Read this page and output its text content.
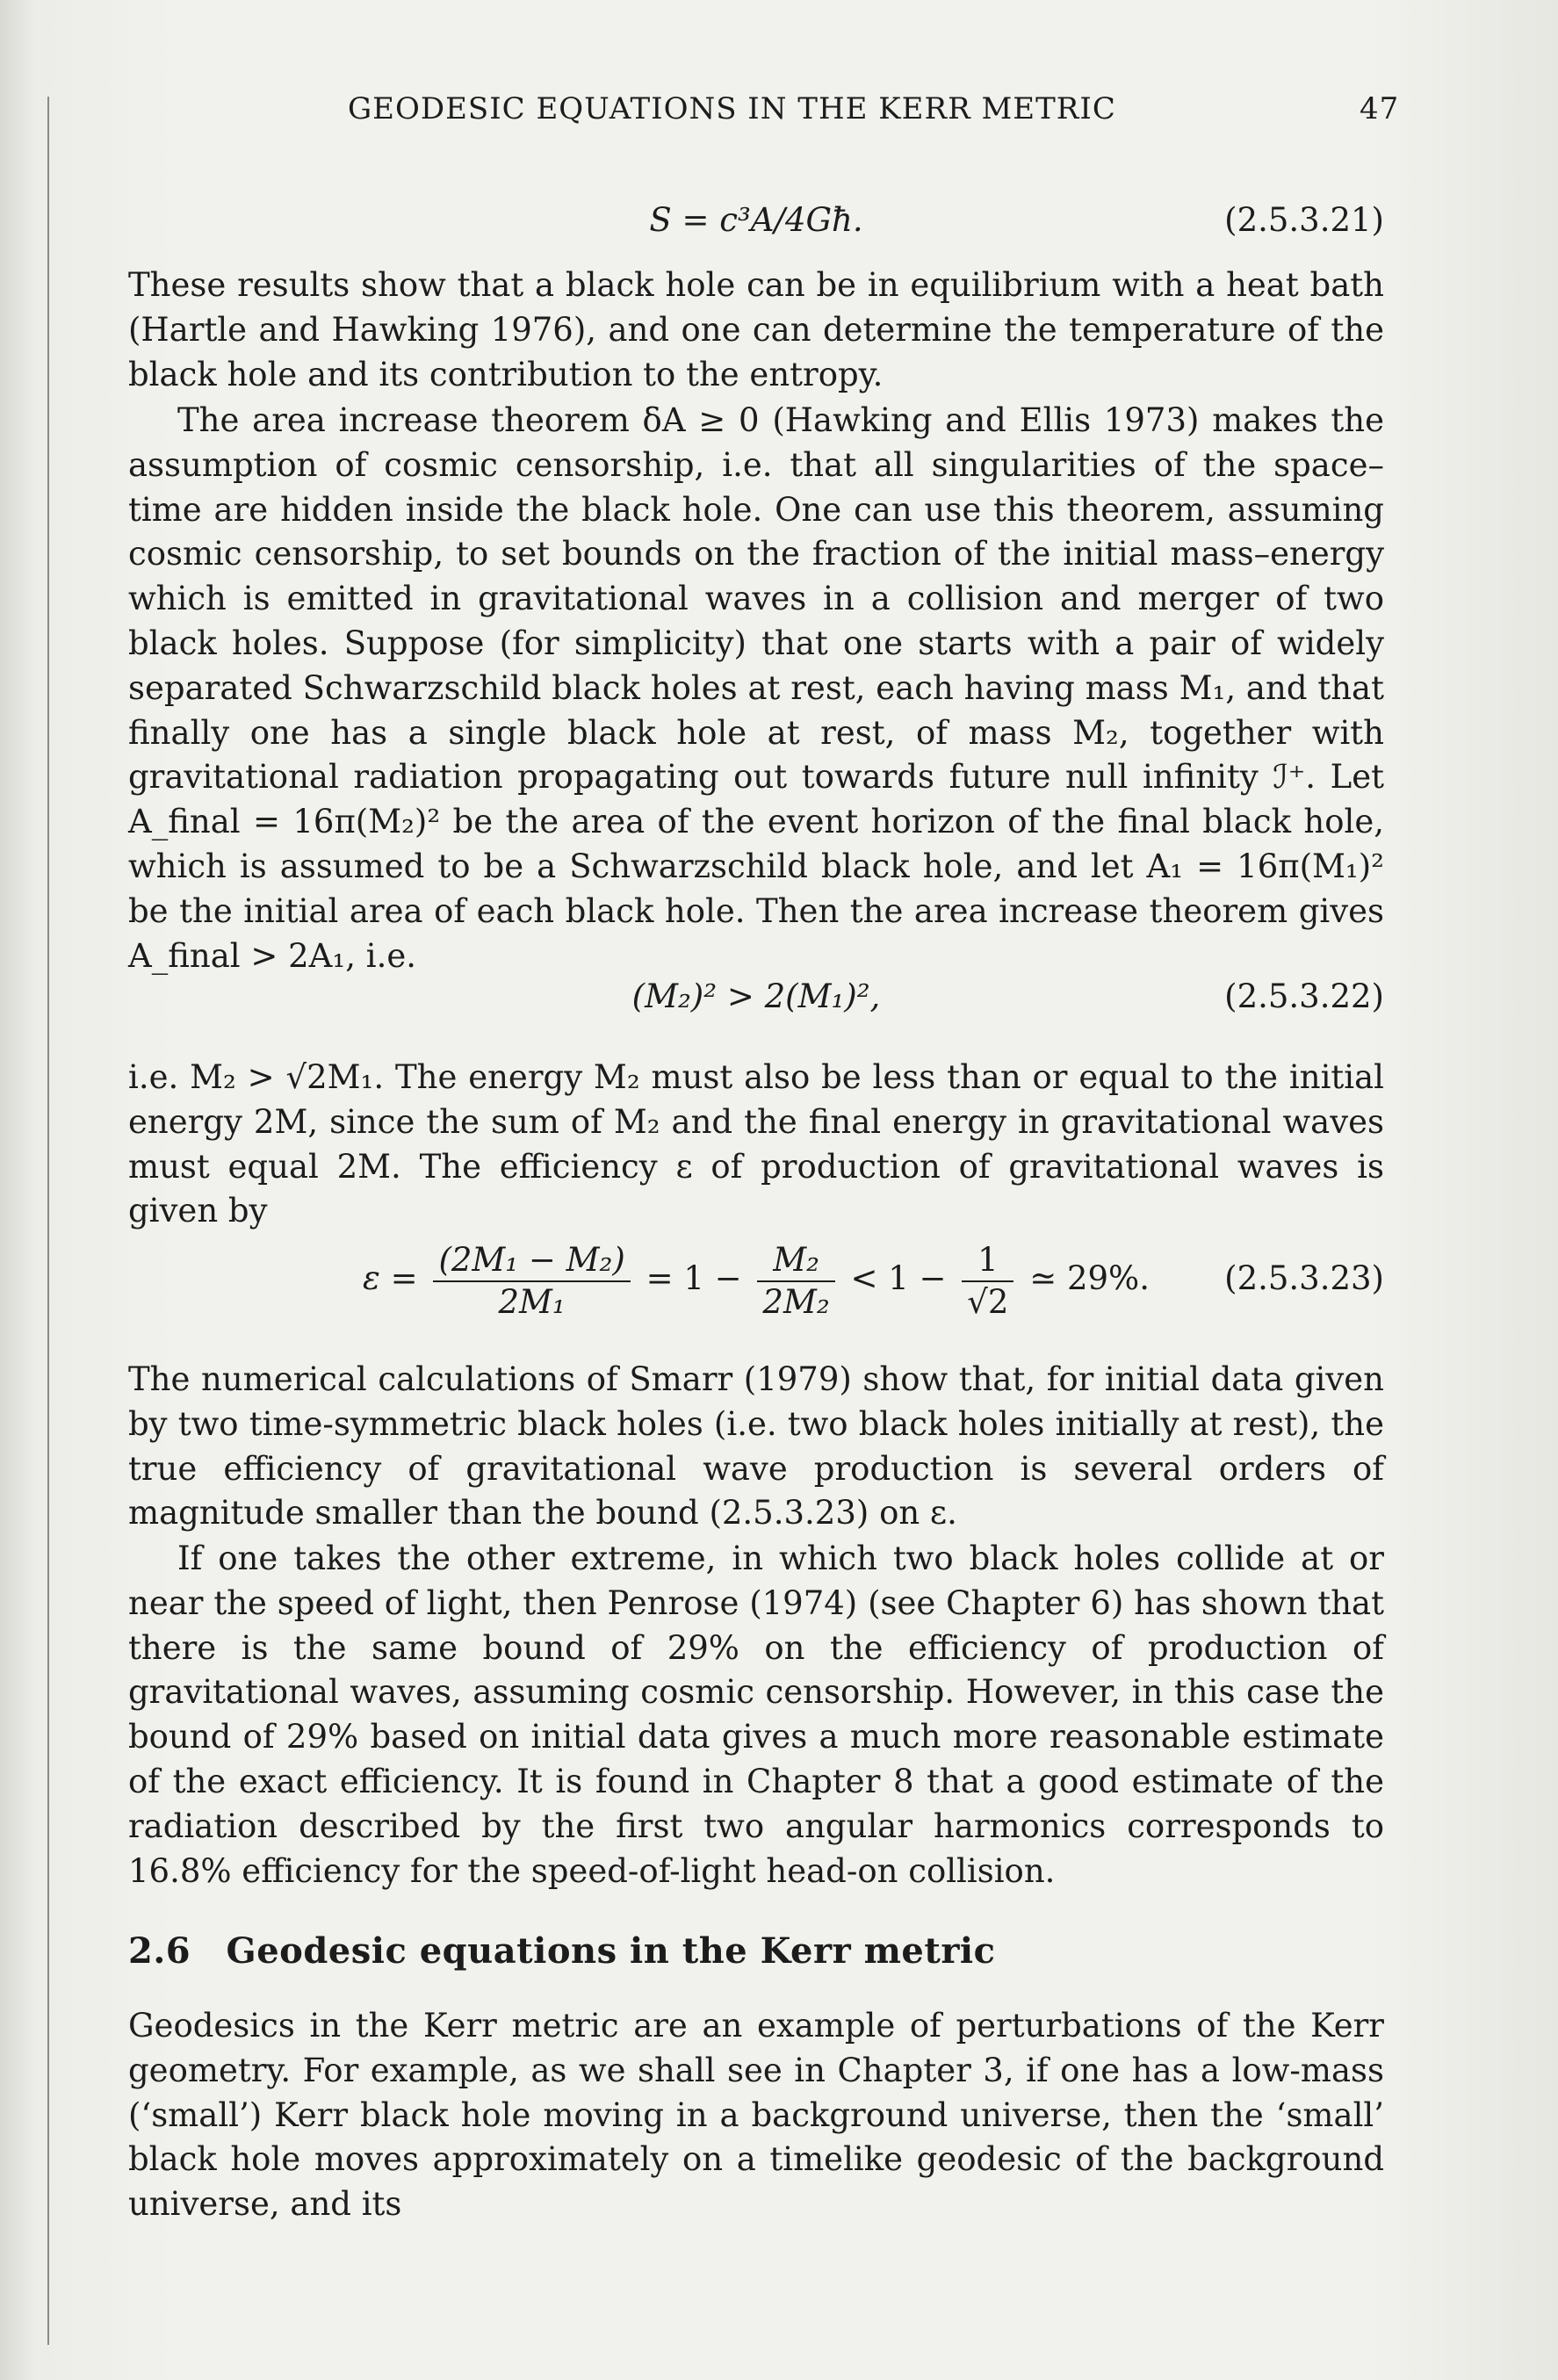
GEODESIC EQUATIONS IN THE KERR METRIC	47
S = c³A/4Għ.	(2.5.3.21)

These results show that a black hole can be in equilibrium with a heat bath (Hartle and Hawking 1976), and one can determine the temperature of the black hole and its contribution to the entropy.

The area increase theorem δA ≥ 0 (Hawking and Ellis 1973) makes the assumption of cosmic censorship, i.e. that all singularities of the space–time are hidden inside the black hole. One can use this theorem, assuming cosmic censorship, to set bounds on the fraction of the initial mass–energy which is emitted in gravitational waves in a collision and merger of two black holes. Suppose (for simplicity) that one starts with a pair of widely separated Schwarzschild black holes at rest, each having mass M₁, and that finally one has a single black hole at rest, of mass M₂, together with gravitational radiation propagating out towards future null infinity ℐ⁺. Let A_final = 16π(M₂)² be the area of the event horizon of the final black hole, which is assumed to be a Schwarzschild black hole, and let A₁ = 16π(M₁)² be the initial area of each black hole. Then the area increase theorem gives A_final > 2A₁, i.e.

(M₂)² > 2(M₁)²,	(2.5.3.22)

i.e. M₂ > √2M₁. The energy M₂ must also be less than or equal to the initial energy 2M, since the sum of M₂ and the final energy in gravitational waves must equal 2M. The efficiency ε of production of gravitational waves is given by

$\varepsilon = \frac{\text{(2M₁ − M₂)}}{\text{2M₁}} = 1 - \frac{\text{M₂}}{\text{2M₂}} < 1 - \frac{1}{√2}$ ≃ 29%.	(2.5.3.23)

The numerical calculations of Smarr (1979) show that, for initial data given by two time-symmetric black holes (i.e. two black holes initially at rest), the true efficiency of gravitational wave production is several orders of magnitude smaller than the bound (2.5.3.23) on ε.

If one takes the other extreme, in which two black holes collide at or near the speed of light, then Penrose (1974) (see Chapter 6) has shown that there is the same bound of 29% on the efficiency of production of gravitational waves, assuming cosmic censorship. However, in this case the bound of 29% based on initial data gives a much more reasonable estimate of the exact efficiency. It is found in Chapter 8 that a good estimate of the radiation described by the first two angular harmonics corresponds to 16.8% efficiency for the speed-of-light head-on collision.

2.6 Geodesic equations in the Kerr metric

Geodesics in the Kerr metric are an example of perturbations of the Kerr geometry. For example, as we shall see in Chapter 3, if one has a low-mass (‘small’) Kerr black hole moving in a background universe, then the ‘small’ black hole moves approximately on a timelike geodesic of the background universe, and its
